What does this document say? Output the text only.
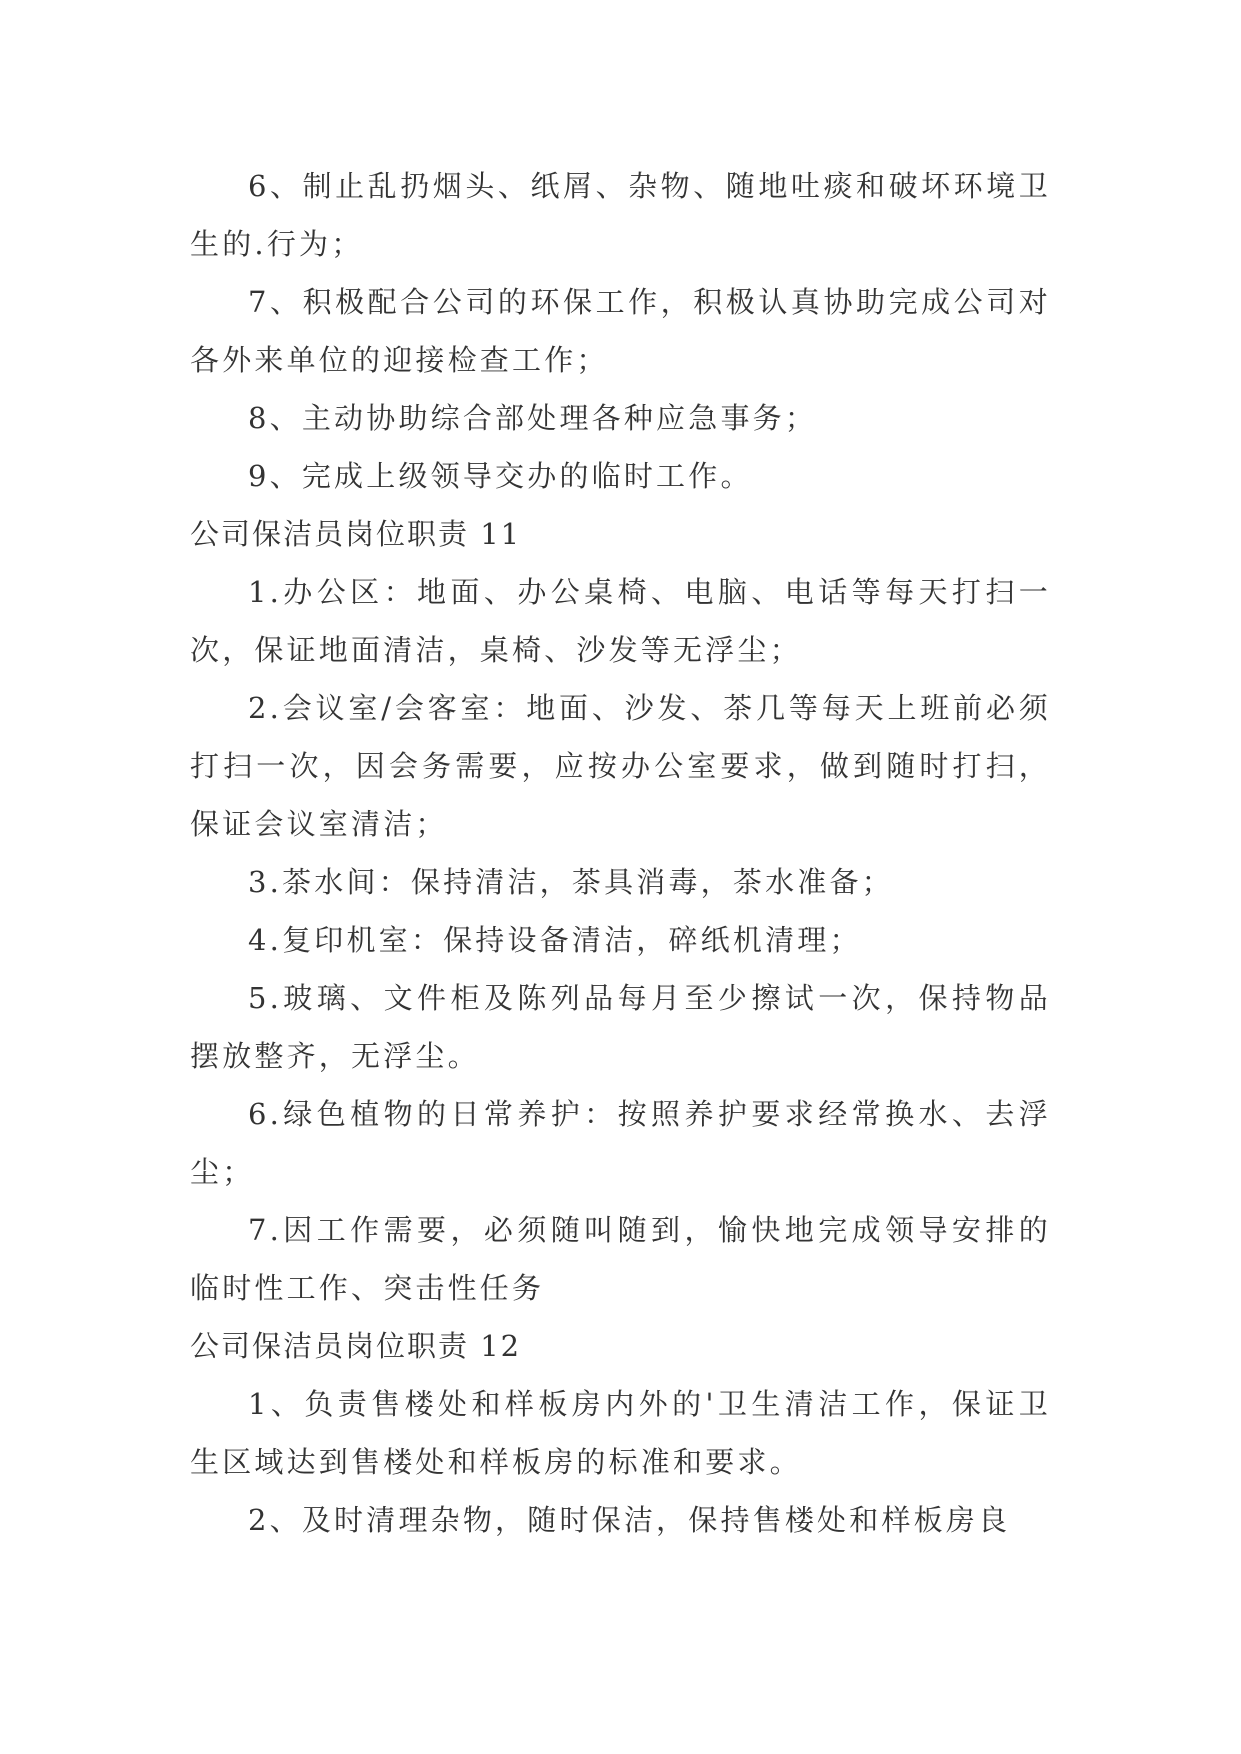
6、制止乱扔烟头、纸屑、杂物、随地吐痰和破坏环境卫生的.行为；

7、积极配合公司的环保工作，积极认真协助完成公司对各外来单位的迎接检查工作；

8、主动协助综合部处理各种应急事务；

9、完成上级领导交办的临时工作。

公司保洁员岗位职责 11

1.办公区：地面、办公桌椅、电脑、电话等每天打扫一次，保证地面清洁，桌椅、沙发等无浮尘；

2.会议室/会客室：地面、沙发、茶几等每天上班前必须打扫一次，因会务需要，应按办公室要求，做到随时打扫，保证会议室清洁；

3.茶水间：保持清洁，茶具消毒，茶水准备；

4.复印机室：保持设备清洁，碎纸机清理；

5.玻璃、文件柜及陈列品每月至少擦试一次，保持物品摆放整齐，无浮尘。

6.绿色植物的日常养护：按照养护要求经常换水、去浮尘；

7.因工作需要，必须随叫随到，愉快地完成领导安排的临时性工作、突击性任务

公司保洁员岗位职责 12

1、负责售楼处和样板房内外的'卫生清洁工作，保证卫生区域达到售楼处和样板房的标准和要求。

2、及时清理杂物，随时保洁，保持售楼处和样板房良
